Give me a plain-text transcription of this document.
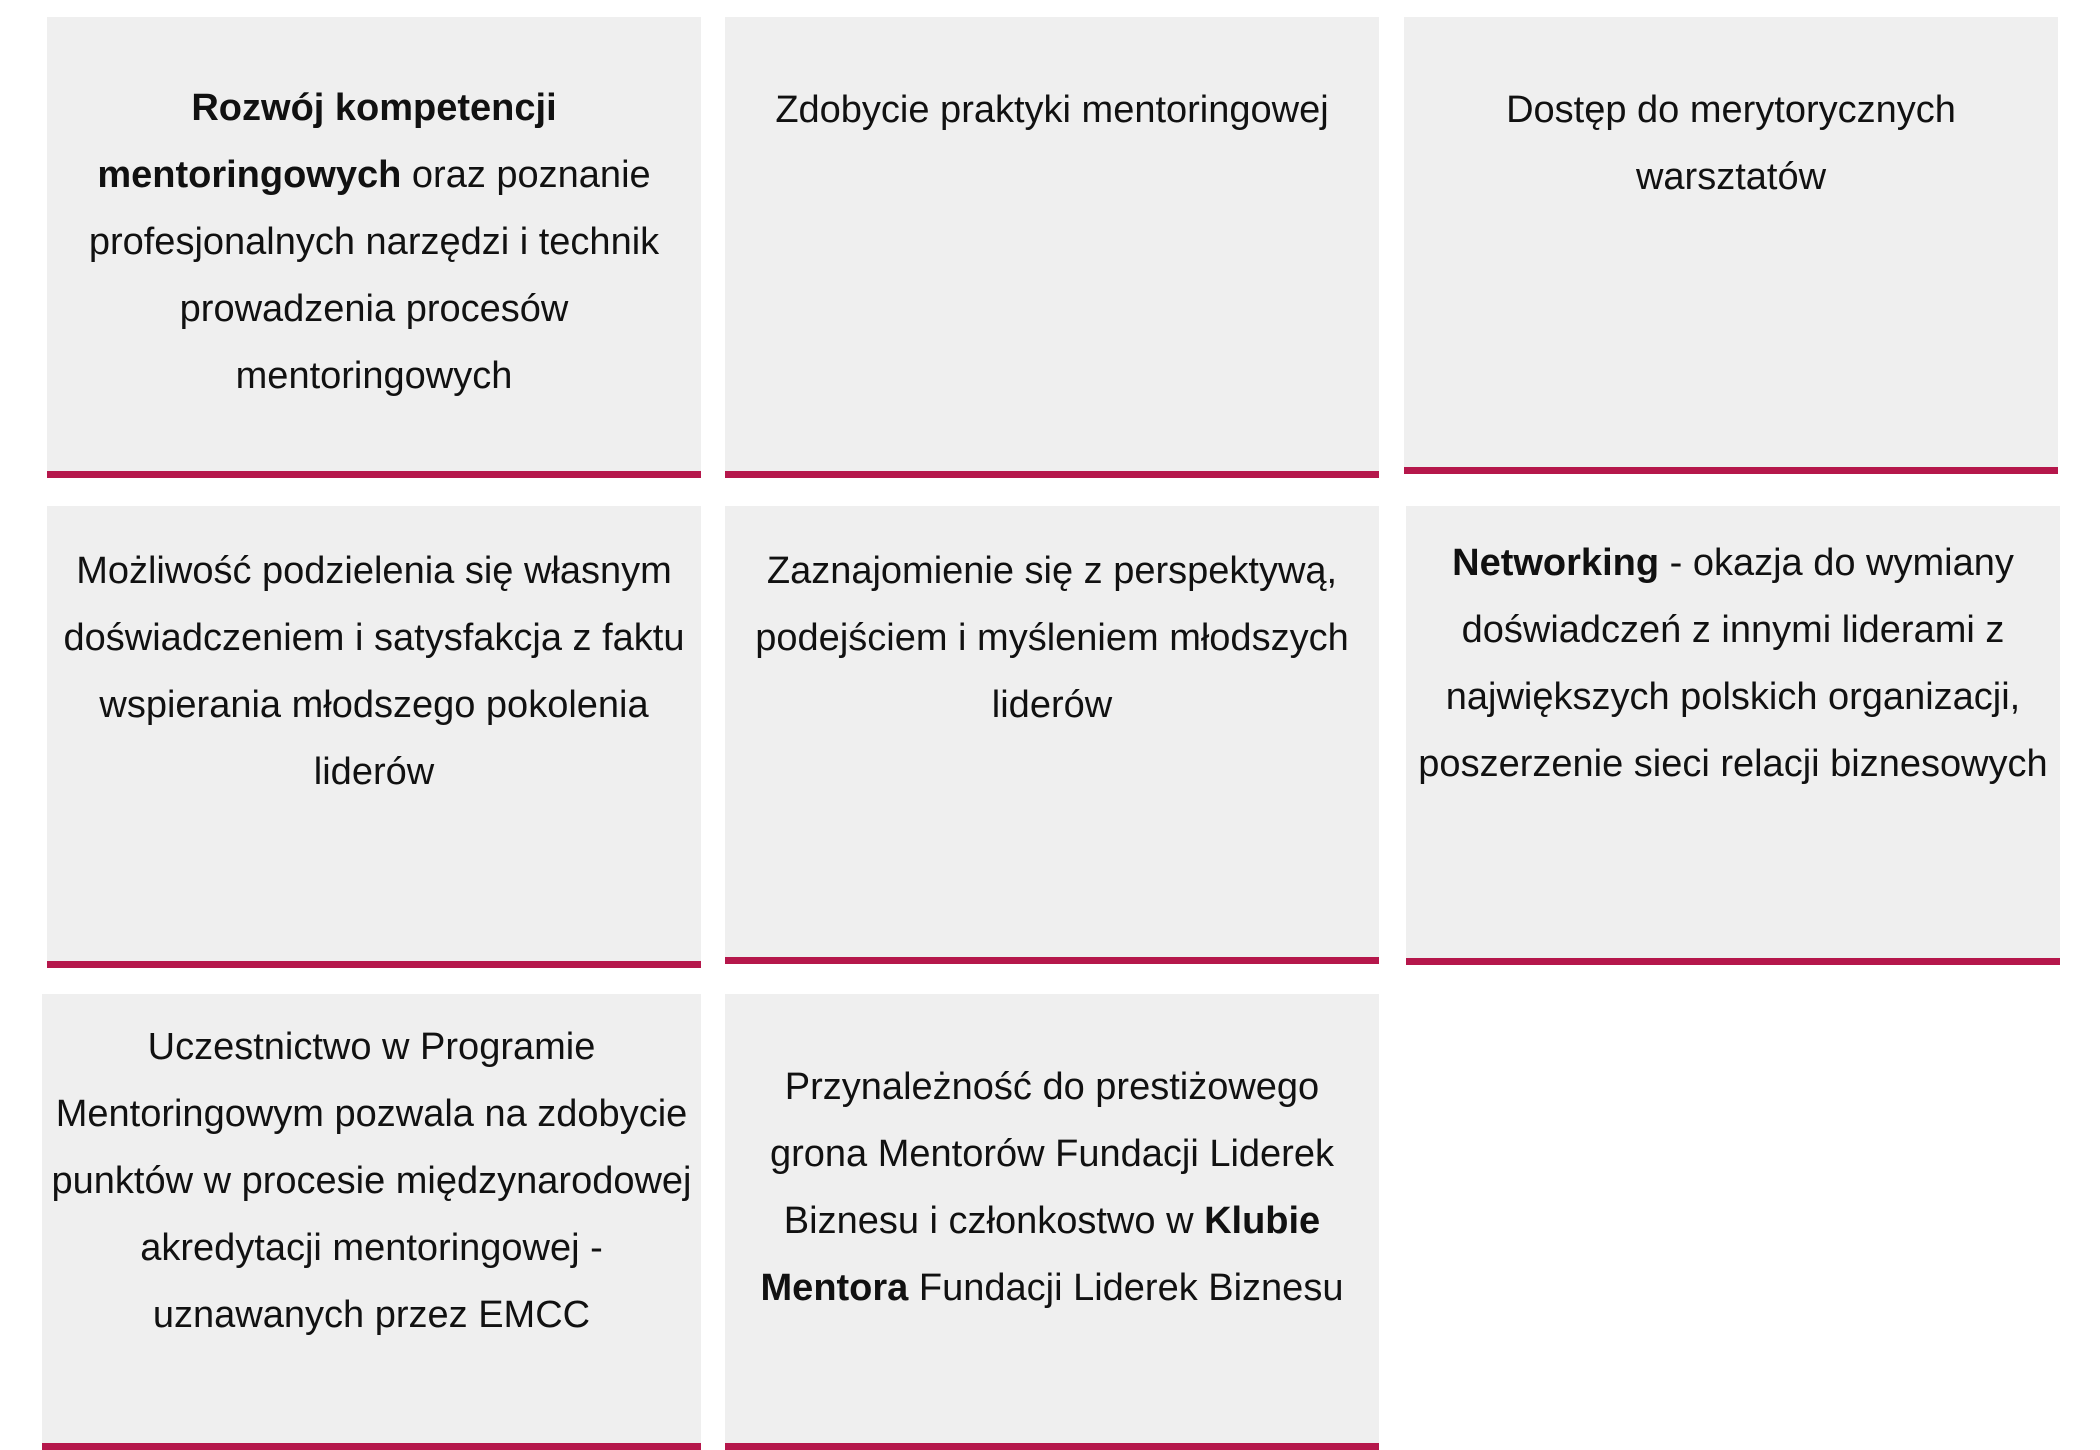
Rozwój kompetencji mentoringowych oraz poznanie profesjonalnych narzędzi i technik prowadzenia procesów mentoringowych
Zdobycie praktyki mentoringowej	Dostęp do merytorycznych warsztatów
Możliwość podzielenia się własnym doświadczeniem i satysfakcja z faktu wspierania młodszego pokolenia liderów
Zaznajomienie się z perspektywą, podejściem i myśleniem młodszych liderów
Networking - okazja do wymiany doświadczeń z innymi liderami z największych polskich organizacji, poszerzenie sieci relacji biznesowych
Uczestnictwo w Programie Mentoringowym pozwala na zdobycie punktów w procesie międzynarodowej akredytacji mentoringowej - uznawanych przez EMCC
Przynależność do prestiżowego grona Mentorów Fundacji Liderek Biznesu i członkostwo w Klubie Mentora Fundacji Liderek Biznesu
